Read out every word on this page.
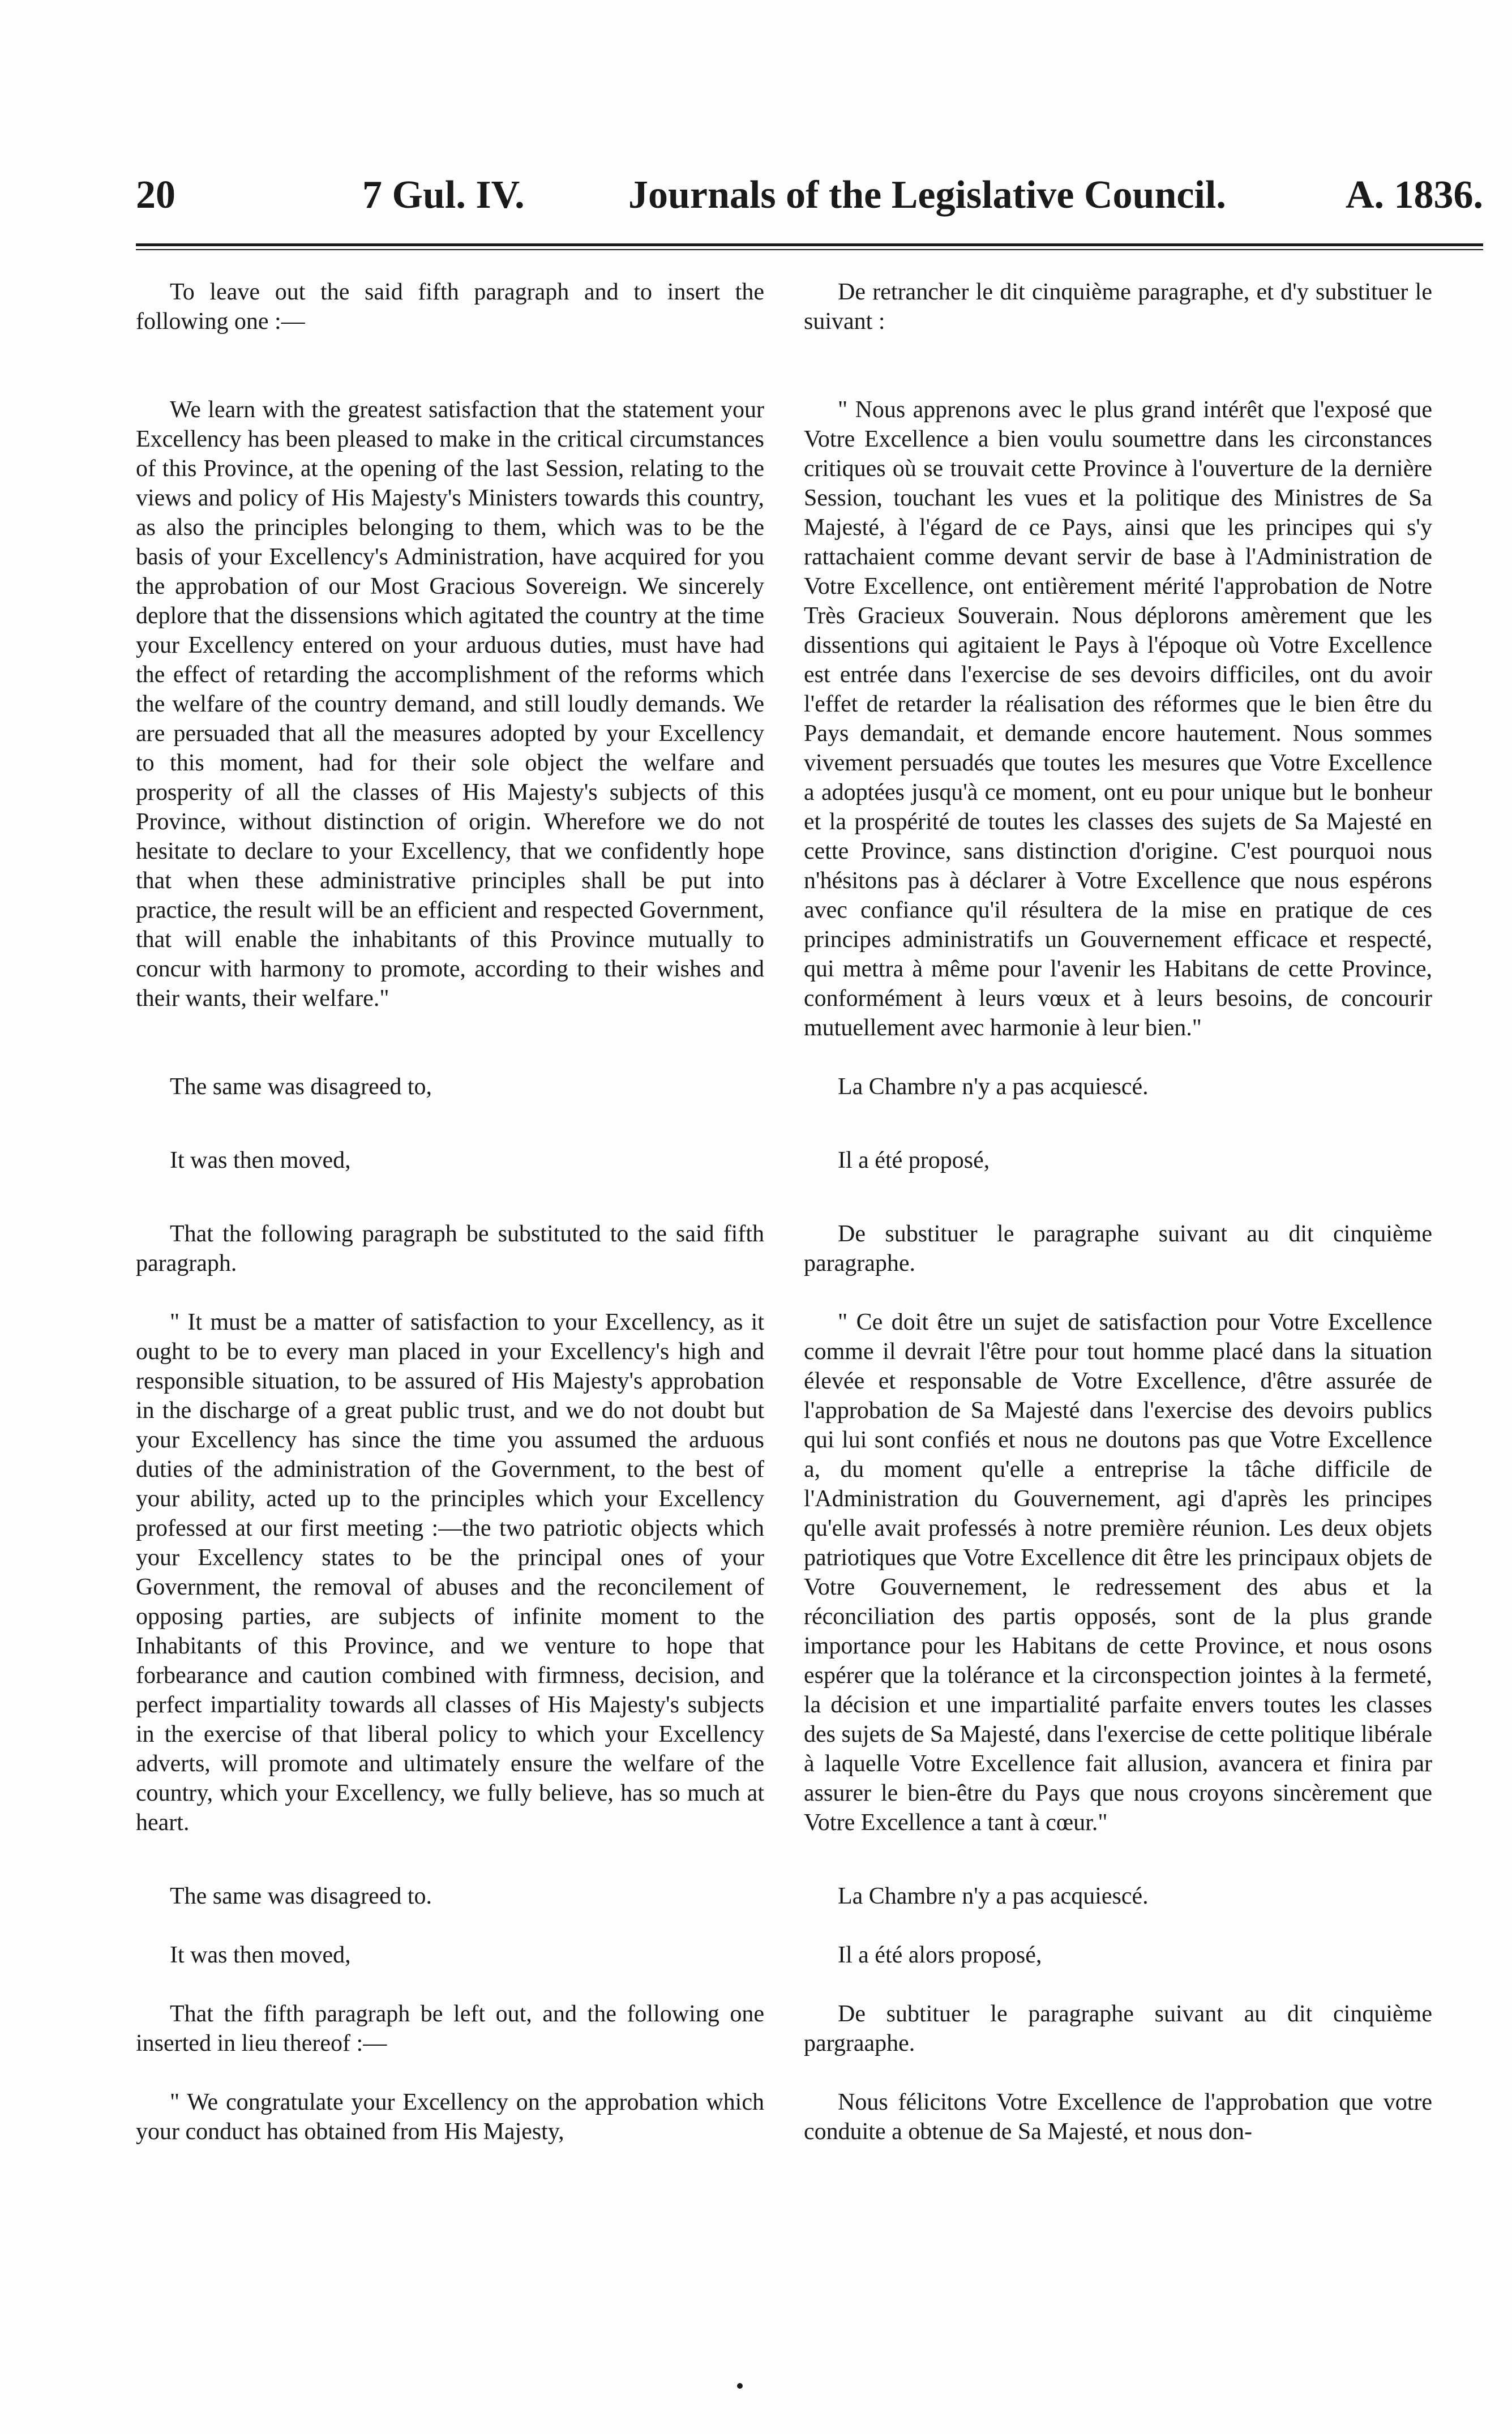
20	7 Gul. IV.	Journals of the Legislative Council.	A. 1836.

To leave out the said fifth paragraph and to insert the following one :—

We learn with the greatest satisfaction that the statement your Excellency has been pleased to make in the critical circumstances of this Province, at the opening of the last Session, relating to the views and policy of His Majesty's Ministers towards this country, as also the principles belonging to them, which was to be the basis of your Excellency's Administration, have acquired for you the approbation of our Most Gracious Sovereign. We sincerely deplore that the dissensions which agitated the country at the time your Excellency entered on your arduous duties, must have had the effect of retarding the accomplishment of the reforms which the welfare of the country demand, and still loudly demands. We are persuaded that all the measures adopted by your Excellency to this moment, had for their sole object the welfare and prosperity of all the classes of His Majesty's subjects of this Province, without distinction of origin. Wherefore we do not hesitate to declare to your Excellency, that we confidently hope that when these administrative principles shall be put into practice, the result will be an efficient and respected Government, that will enable the inhabitants of this Province mutually to concur with harmony to promote, according to their wishes and their wants, their welfare."

The same was disagreed to,

It was then moved,

That the following paragraph be substituted to the said fifth paragraph.

" It must be a matter of satisfaction to your Excellency, as it ought to be to every man placed in your Excellency's high and responsible situation, to be assured of His Majesty's approbation in the discharge of a great public trust, and we do not doubt but your Excellency has since the time you assumed the arduous duties of the administration of the Government, to the best of your ability, acted up to the principles which your Excellency professed at our first meeting :—the two patriotic objects which your Excellency states to be the principal ones of your Government, the removal of abuses and the reconcilement of opposing parties, are subjects of infinite moment to the Inhabitants of this Province, and we venture to hope that forbearance and caution combined with firmness, decision, and perfect impartiality towards all classes of His Majesty's subjects in the exercise of that liberal policy to which your Excellency adverts, will promote and ultimately ensure the welfare of the country, which your Excellency, we fully believe, has so much at heart.

The same was disagreed to.

It was then moved,

That the fifth paragraph be left out, and the following one inserted in lieu thereof :—

" We congratulate your Excellency on the approbation which your conduct has obtained from His Majesty,

De retrancher le dit cinquième paragraphe, et d'y substituer le suivant :

" Nous apprenons avec le plus grand intérêt que l'exposé que Votre Excellence a bien voulu soumettre dans les circonstances critiques où se trouvait cette Province à l'ouverture de la dernière Session, touchant les vues et la politique des Ministres de Sa Majesté, à l'égard de ce Pays, ainsi que les principes qui s'y rattachaient comme devant servir de base à l'Administration de Votre Excellence, ont entièrement mérité l'approbation de Notre Très Gracieux Souverain. Nous déplorons amèrement que les dissentions qui agitaient le Pays à l'époque où Votre Excellence est entrée dans l'exercise de ses devoirs difficiles, ont du avoir l'effet de retarder la réalisation des réformes que le bien être du Pays demandait, et demande encore hautement. Nous sommes vivement persuadés que toutes les mesures que Votre Excellence a adoptées jusqu'à ce moment, ont eu pour unique but le bonheur et la prospérité de toutes les classes des sujets de Sa Majesté en cette Province, sans distinction d'origine. C'est pourquoi nous n'hésitons pas à déclarer à Votre Excellence que nous espérons avec confiance qu'il résultera de la mise en pratique de ces principes administratifs un Gouvernement efficace et respecté, qui mettra à même pour l'avenir les Habitans de cette Province, conformément à leurs vœux et à leurs besoins, de concourir mutuellement avec harmonie à leur bien."

La Chambre n'y a pas acquiescé.

Il a été proposé,

De substituer le paragraphe suivant au dit cinquième paragraphe.

" Ce doit être un sujet de satisfaction pour Votre Excellence comme il devrait l'être pour tout homme placé dans la situation élevée et responsable de Votre Excellence, d'être assurée de l'approbation de Sa Majesté dans l'exercise des devoirs publics qui lui sont confiés et nous ne doutons pas que Votre Excellence a, du moment qu'elle a entreprise la tâche difficile de l'Administration du Gouvernement, agi d'après les principes qu'elle avait professés à notre première réunion. Les deux objets patriotiques que Votre Excellence dit être les principaux objets de Votre Gouvernement, le redressement des abus et la réconciliation des partis opposés, sont de la plus grande importance pour les Habitans de cette Province, et nous osons espérer que la tolérance et la circonspection jointes à la fermeté, la décision et une impartialité parfaite envers toutes les classes des sujets de Sa Majesté, dans l'exercise de cette politique libérale à laquelle Votre Excellence fait allusion, avancera et finira par assurer le bien-être du Pays que nous croyons sincèrement que Votre Excellence a tant à cœur."

La Chambre n'y a pas acquiescé.

Il a été alors proposé,

De subtituer le paragraphe suivant au dit cinquième pargraaphe.

Nous félicitons Votre Excellence de l'approbation que votre conduite a obtenue de Sa Majesté, et nous don-
